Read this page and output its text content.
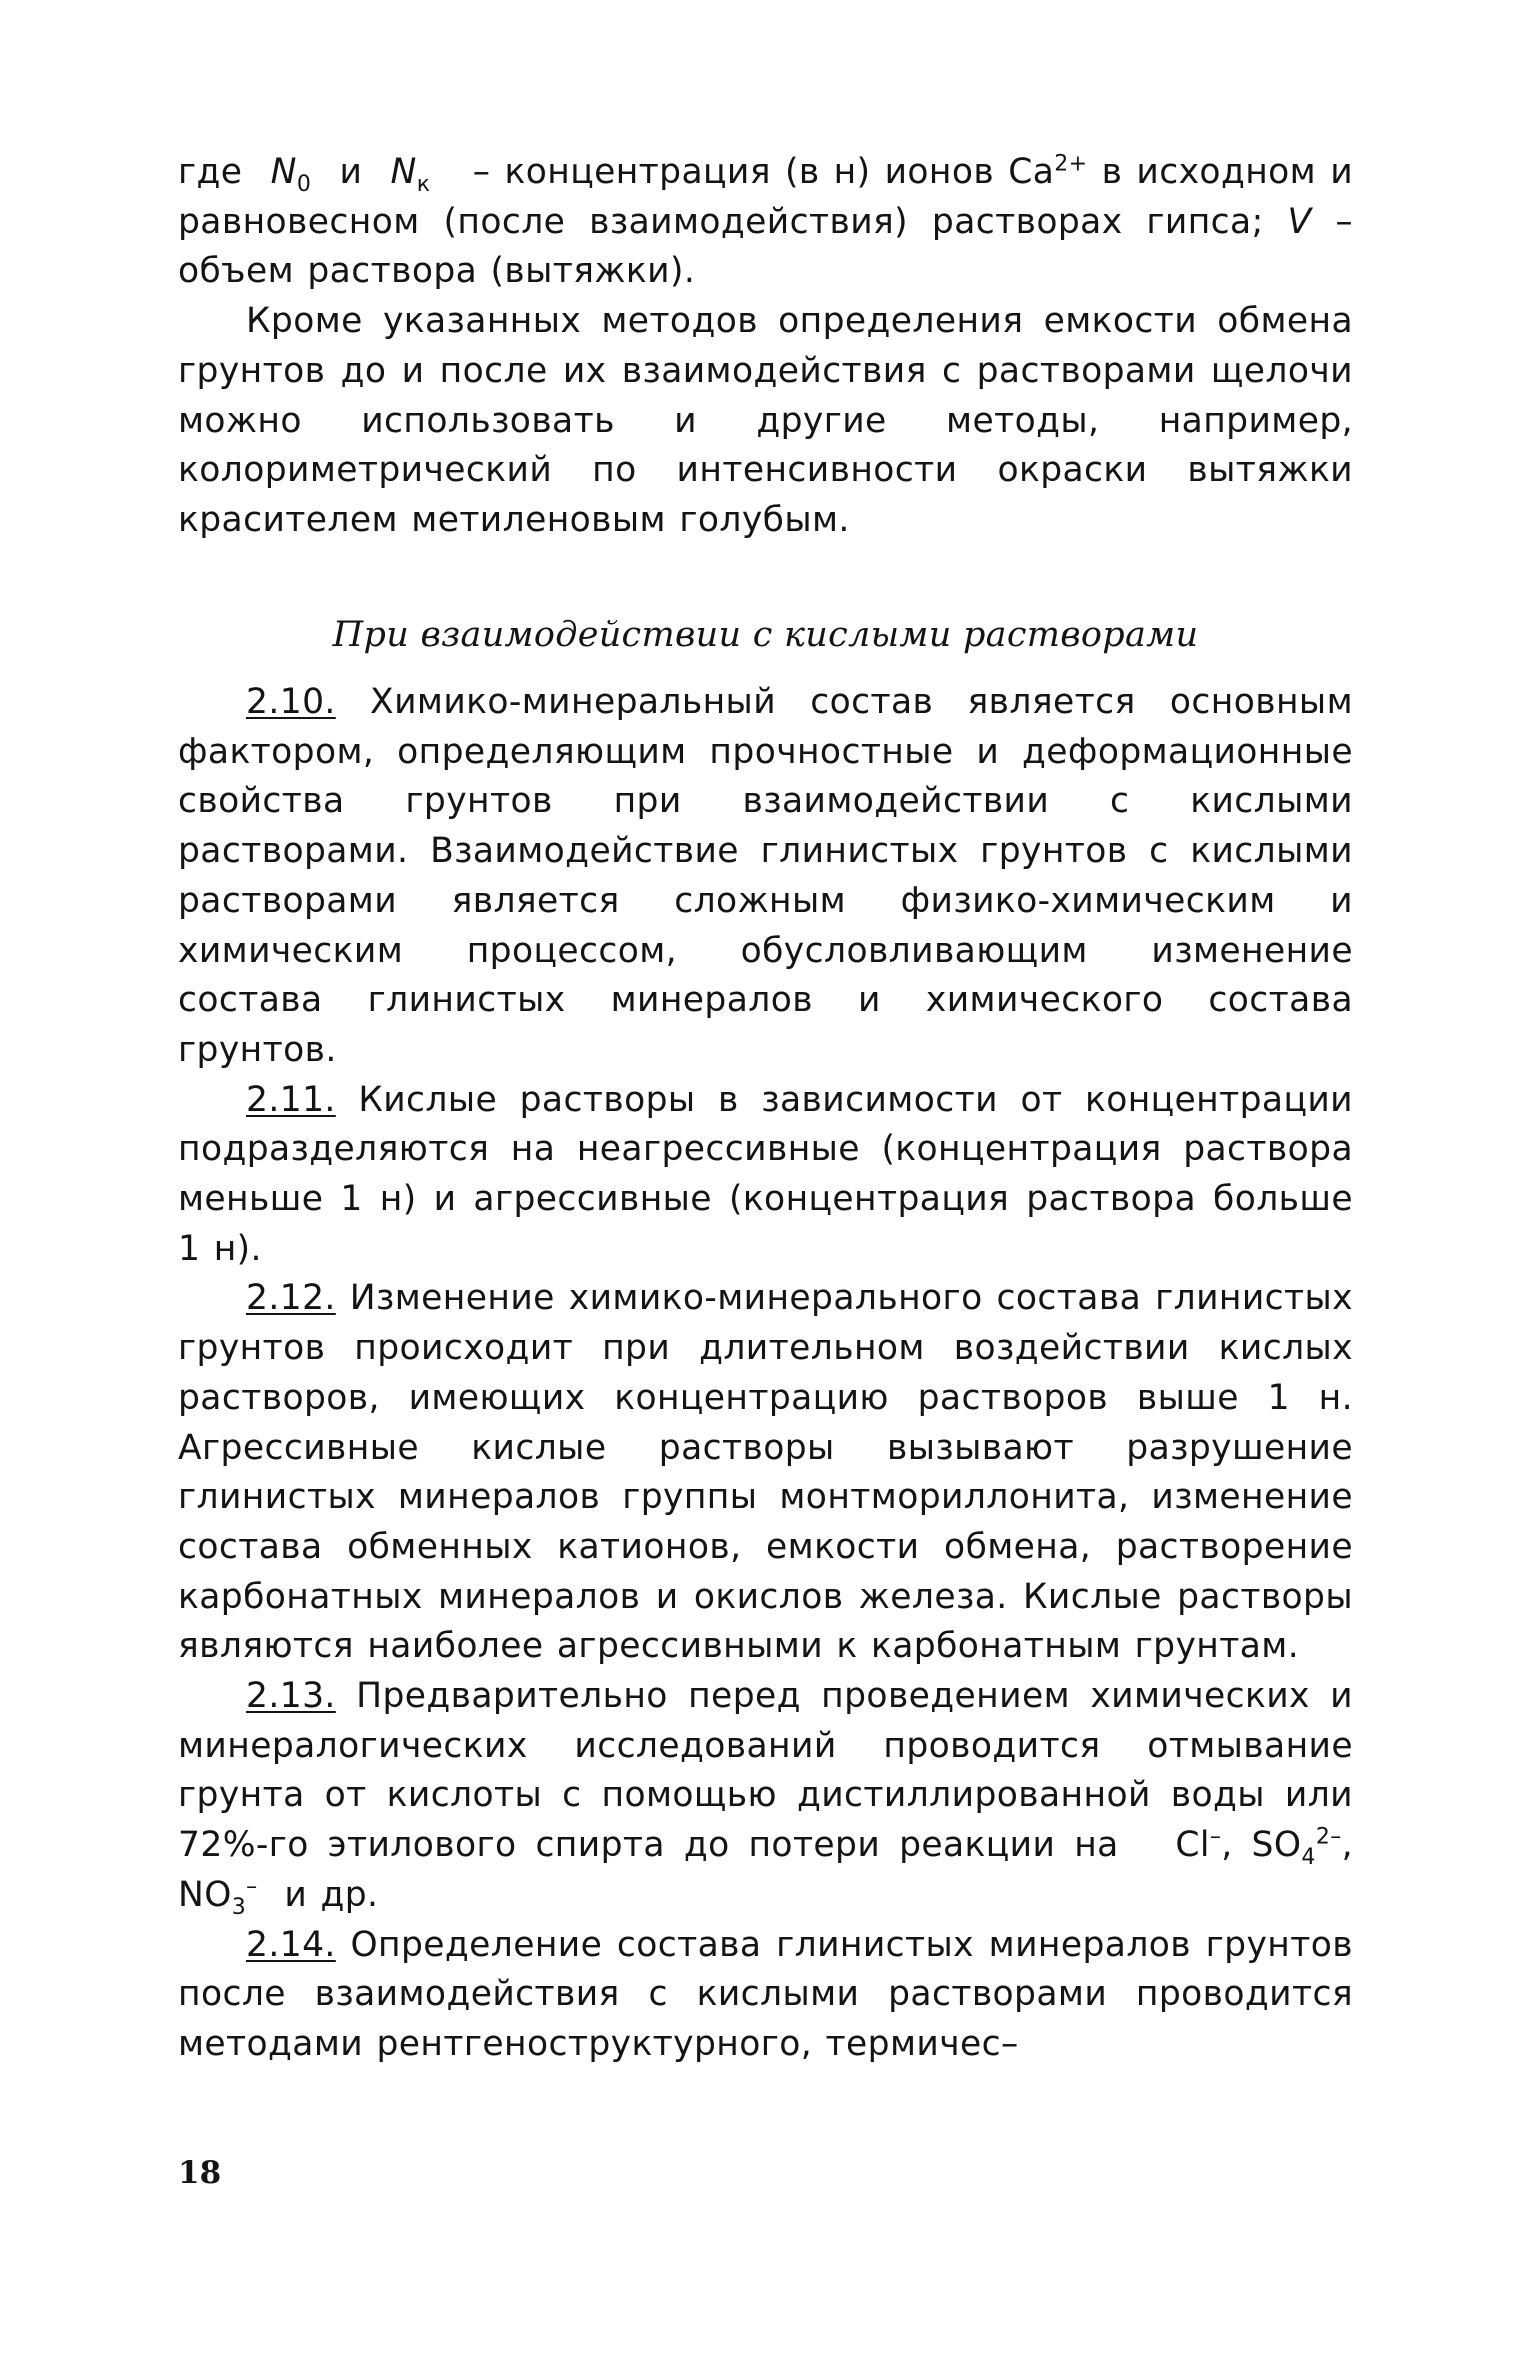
где $N_0$ и $N_к$ – концентрация (в н) ионов $Ca^{2+}$ в исходном и равновесном (после взаимодействия) растворах гипса; V – объем раствора (вытяжки).

Кроме указанных методов определения емкости обмена грунтов до и после их взаимодействия с растворами щелочи можно использовать и другие методы, например, колориметрический по интенсивности окраски вытяжки красителем метиленовым голубым.

При взаимодействии с кислыми растворами

2.10. Химико-минеральный состав является основным фактором, определяющим прочностные и деформационные свойства грунтов при взаимодействии с кислыми растворами. Взаимодействие глинистых грунтов с кислыми растворами является сложным физико-химическим и химическим процессом, обусловливающим изменение состава глинистых минералов и химического состава грунтов.

2.11. Кислые растворы в зависимости от концентрации подразделяются на неагрессивные (концентрация раствора меньше 1 н) и агрессивные (концентрация раствора больше 1 н).

2.12. Изменение химико-минерального состава глинистых грунтов происходит при длительном воздействии кислых растворов, имеющих концентрацию растворов выше 1 н. Агрессивные кислые растворы вызывают разрушение глинистых минералов группы монтмориллонита, изменение состава обменных катионов, емкости обмена, растворение карбонатных минералов и окислов железа. Кислые растворы являются наиболее агрессивными к карбонатным грунтам.

2.13. Предварительно перед проведением химических и минералогических исследований проводится отмывание грунта от кислоты с помощью дистиллированной воды или 72%-го этилового спирта до потери реакции на Cl–, $SO_4^{2-}$, $NO_3^-$ и др.

2.14. Определение состава глинистых минералов грунтов после взаимодействия с кислыми растворами проводится методами рентгеноструктурного, термичес–

18
